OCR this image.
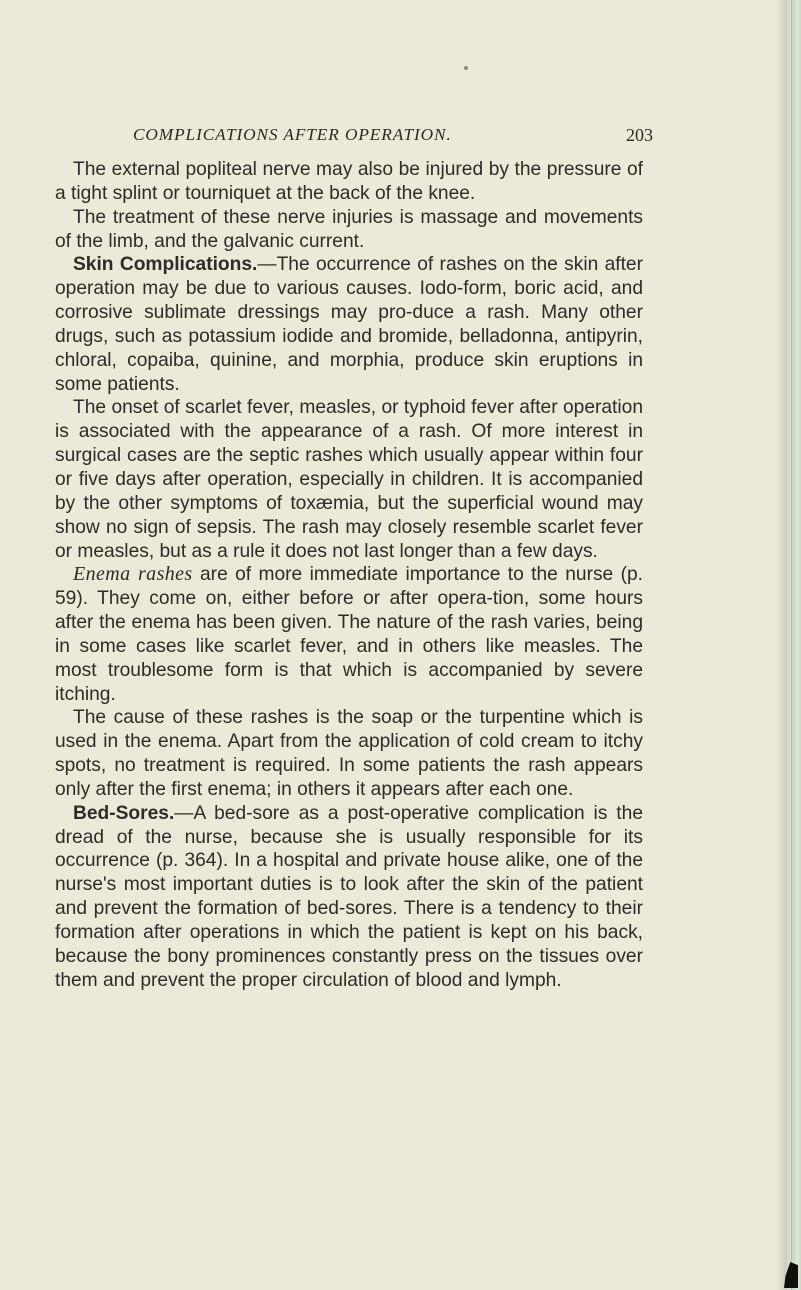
COMPLICATIONS AFTER OPERATION.	203

The external popliteal nerve may also be injured by the pressure of a tight splint or tourniquet at the back of the knee.

The treatment of these nerve injuries is massage and movements of the limb, and the galvanic current.

Skin Complications.—The occurrence of rashes on the skin after operation may be due to various causes. Iodo-form, boric acid, and corrosive sublimate dressings may pro-duce a rash. Many other drugs, such as potassium iodide and bromide, belladonna, antipyrin, chloral, copaiba, quinine, and morphia, produce skin eruptions in some patients.

The onset of scarlet fever, measles, or typhoid fever after operation is associated with the appearance of a rash. Of more interest in surgical cases are the septic rashes which usually appear within four or five days after operation, especially in children. It is accompanied by the other symptoms of toxæmia, but the superficial wound may show no sign of sepsis. The rash may closely resemble scarlet fever or measles, but as a rule it does not last longer than a few days.

Enema rashes are of more immediate importance to the nurse (p. 59). They come on, either before or after opera-tion, some hours after the enema has been given. The nature of the rash varies, being in some cases like scarlet fever, and in others like measles. The most troublesome form is that which is accompanied by severe itching.

The cause of these rashes is the soap or the turpentine which is used in the enema. Apart from the application of cold cream to itchy spots, no treatment is required. In some patients the rash appears only after the first enema; in others it appears after each one.

Bed-Sores.—A bed-sore as a post-operative complication is the dread of the nurse, because she is usually responsible for its occurrence (p. 364). In a hospital and private house alike, one of the nurse's most important duties is to look after the skin of the patient and prevent the formation of bed-sores. There is a tendency to their formation after operations in which the patient is kept on his back, because the bony prominences constantly press on the tissues over them and prevent the proper circulation of blood and lymph.
